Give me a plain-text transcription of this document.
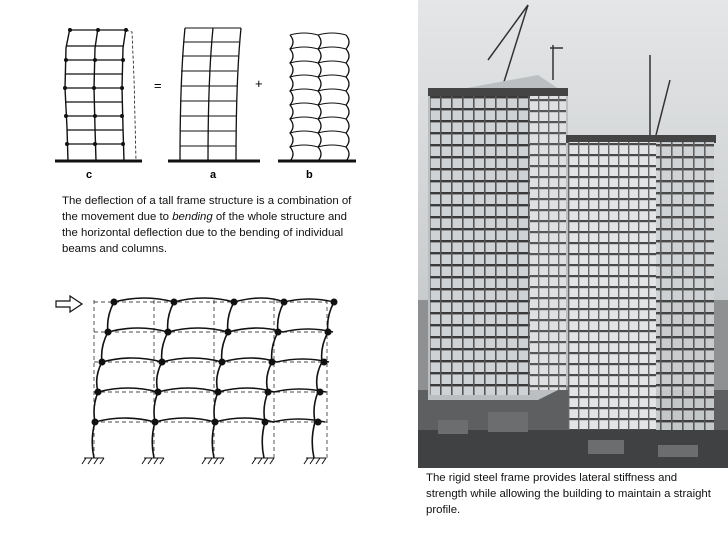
=	+
c	a	b
The deflection of a tall frame structure is a combination of the movement due to bending of the whole structure and the horizontal deflection due to the bending of individual beams and columns.
The rigid steel frame provides lateral stiffness and strength while allowing the building to maintain a straight profile.
